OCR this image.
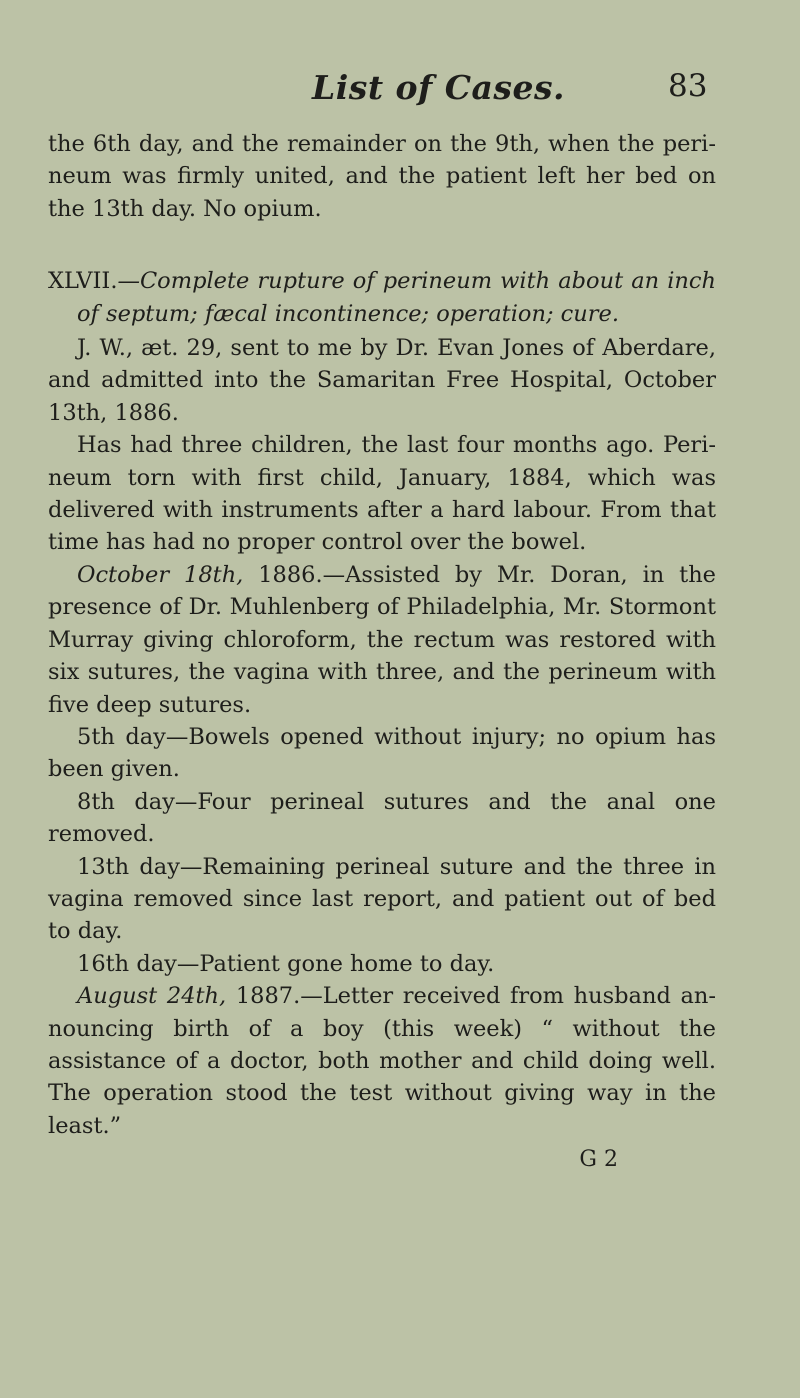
List of Cases.	83

the 6th day, and the remainder on the 9th, when the perineum was firmly united, and the patient left her bed on the 13th day. No opium.

XLVII.—Complete rupture of perineum with about an inch of septum; fæcal incontinence; operation; cure.

J. W., æt. 29, sent to me by Dr. Evan Jones of Aberdare, and admitted into the Samaritan Free Hospital, October 13th, 1886.

Has had three children, the last four months ago. Perineum torn with first child, January, 1884, which was delivered with instruments after a hard labour. From that time has had no proper control over the bowel.

October 18th, 1886.—Assisted by Mr. Doran, in the presence of Dr. Muhlenberg of Philadelphia, Mr. Stormont Murray giving chloroform, the rectum was restored with six sutures, the vagina with three, and the perineum with five deep sutures.

5th day—Bowels opened without injury; no opium has been given.

8th day—Four perineal sutures and the anal one removed.

13th day—Remaining perineal suture and the three in vagina removed since last report, and patient out of bed to day.

16th day—Patient gone home to day.

August 24th, 1887.—Letter received from husband announcing birth of a boy (this week) “ without the assistance of a doctor, both mother and child doing well. The operation stood the test without giving way in the least.”

G 2
